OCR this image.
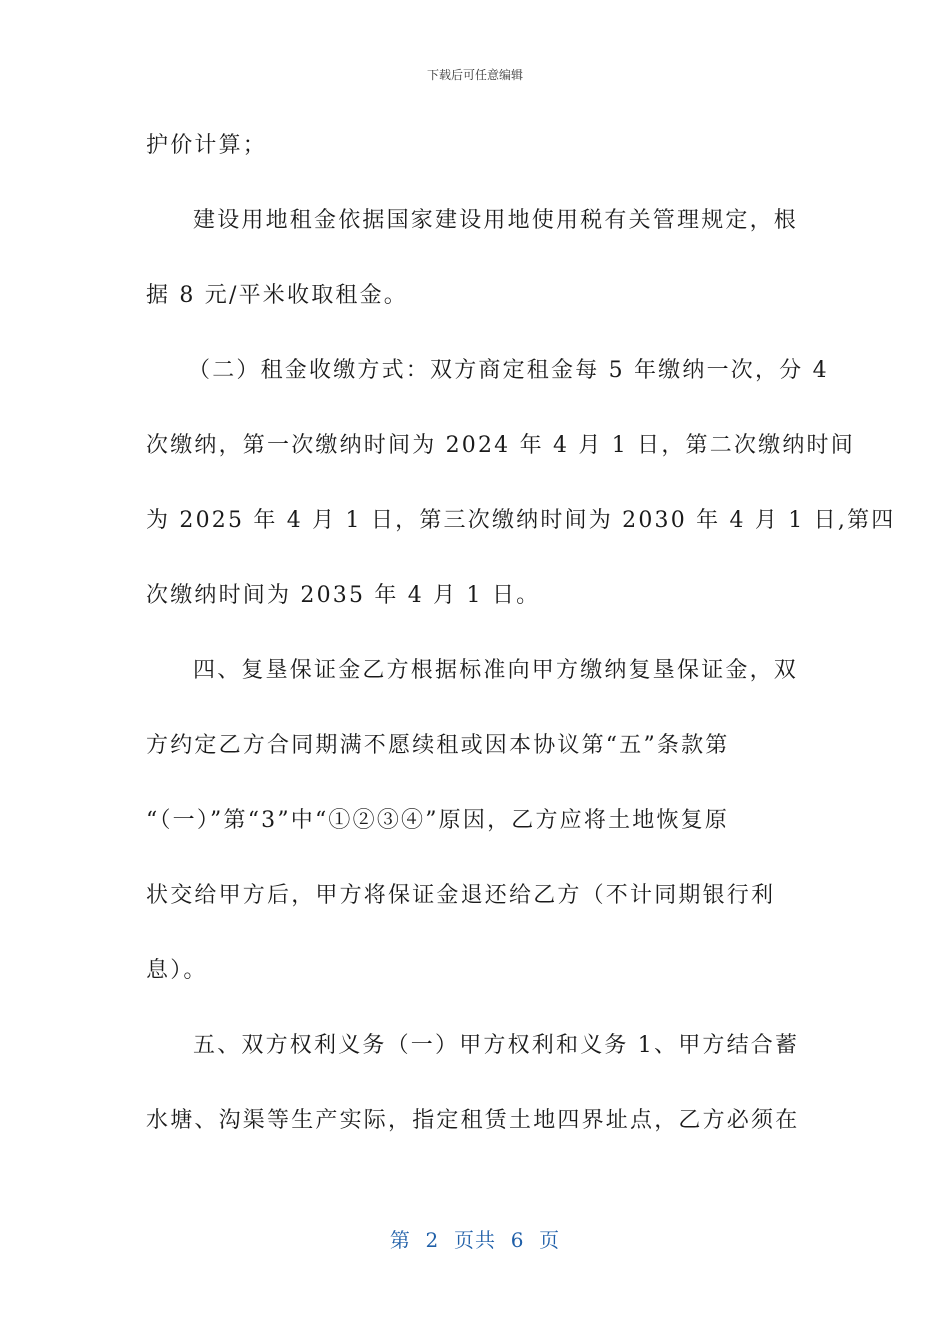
下载后可任意编辑
护价计算；
建设用地租金依据国家建设用地使用税有关管理规定，根
据 8 元/平米收取租金。
（二）租金收缴方式：双方商定租金每 5 年缴纳一次，分 4
次缴纳，第一次缴纳时间为 2024 年 4 月 1 日，第二次缴纳时间
为 2025 年 4 月 1 日，第三次缴纳时间为 2030 年 4 月 1 日,第四
次缴纳时间为 2035 年 4 月 1 日。
四、复垦保证金乙方根据标准向甲方缴纳复垦保证金，双
方约定乙方合同期满不愿续租或因本协议第“五”条款第
“（一）”第“3”中“①②③④”原因，乙方应将土地恢复原
状交给甲方后，甲方将保证金退还给乙方（不计同期银行利
息）。
五、双方权利义务（一）甲方权利和义务 1、甲方结合蓄
水塘、沟渠等生产实际，指定租赁土地四界址点，乙方必须在
第  2  页共  6  页
